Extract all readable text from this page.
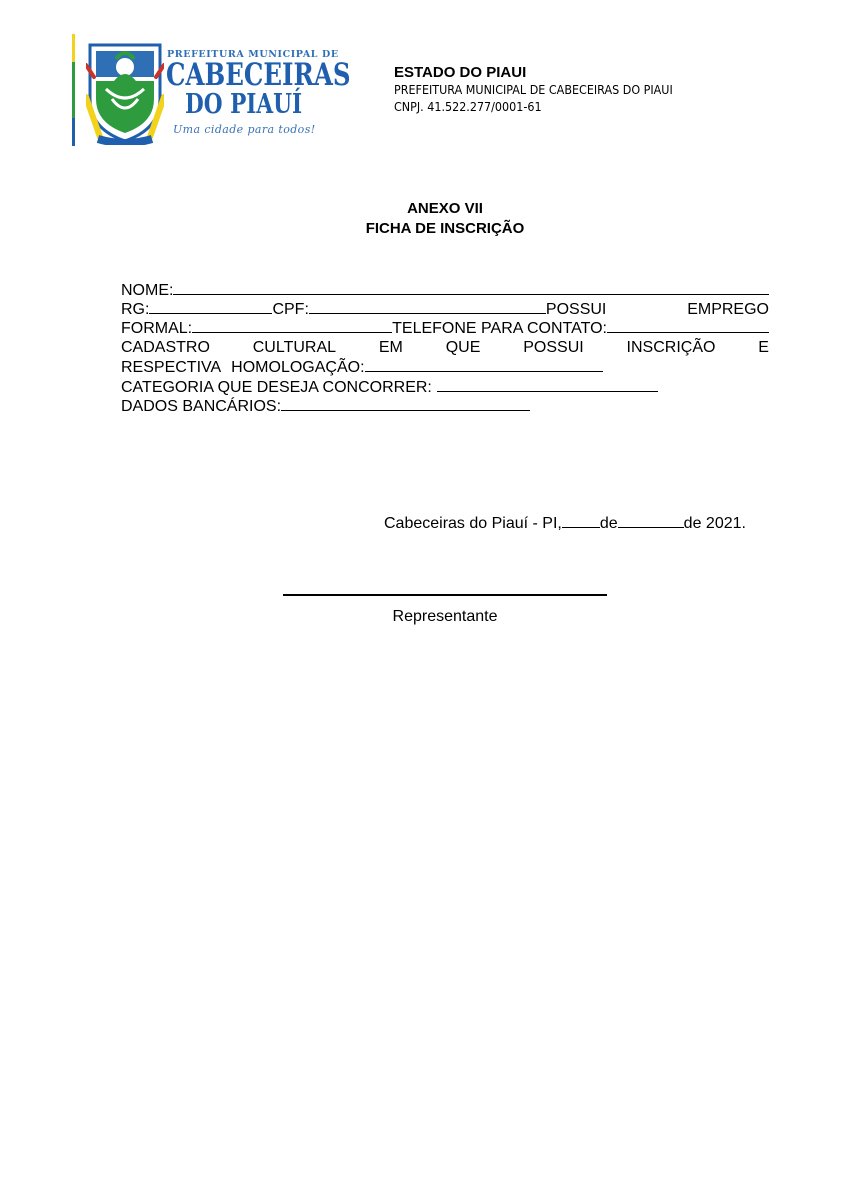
PREFEITURA MUNICIPAL DE
CABECEIRAS
DO PIAUÍ
Uma cidade para todos!
ESTADO DO PIAUI
PREFEITURA MUNICIPAL DE CABECEIRAS DO PIAUI
CNPJ. 41.522.277/0001-61
ANEXO VII
FICHA DE INSCRIÇÃO
NOME:
RG:	CPF:	POSSUI	EMPREGO
FORMAL:	TELEFONE PARA CONTATO:
CADASTRO	CULTURAL	EM	QUE	POSSUI	INSCRIÇÃO	E
RESPECTIVA HOMOLOGAÇÃO:
CATEGORIA QUE DESEJA CONCORRER:
DADOS BANCÁRIOS:
Cabeceiras do Piauí - PI, de	de 2021.
Representante
